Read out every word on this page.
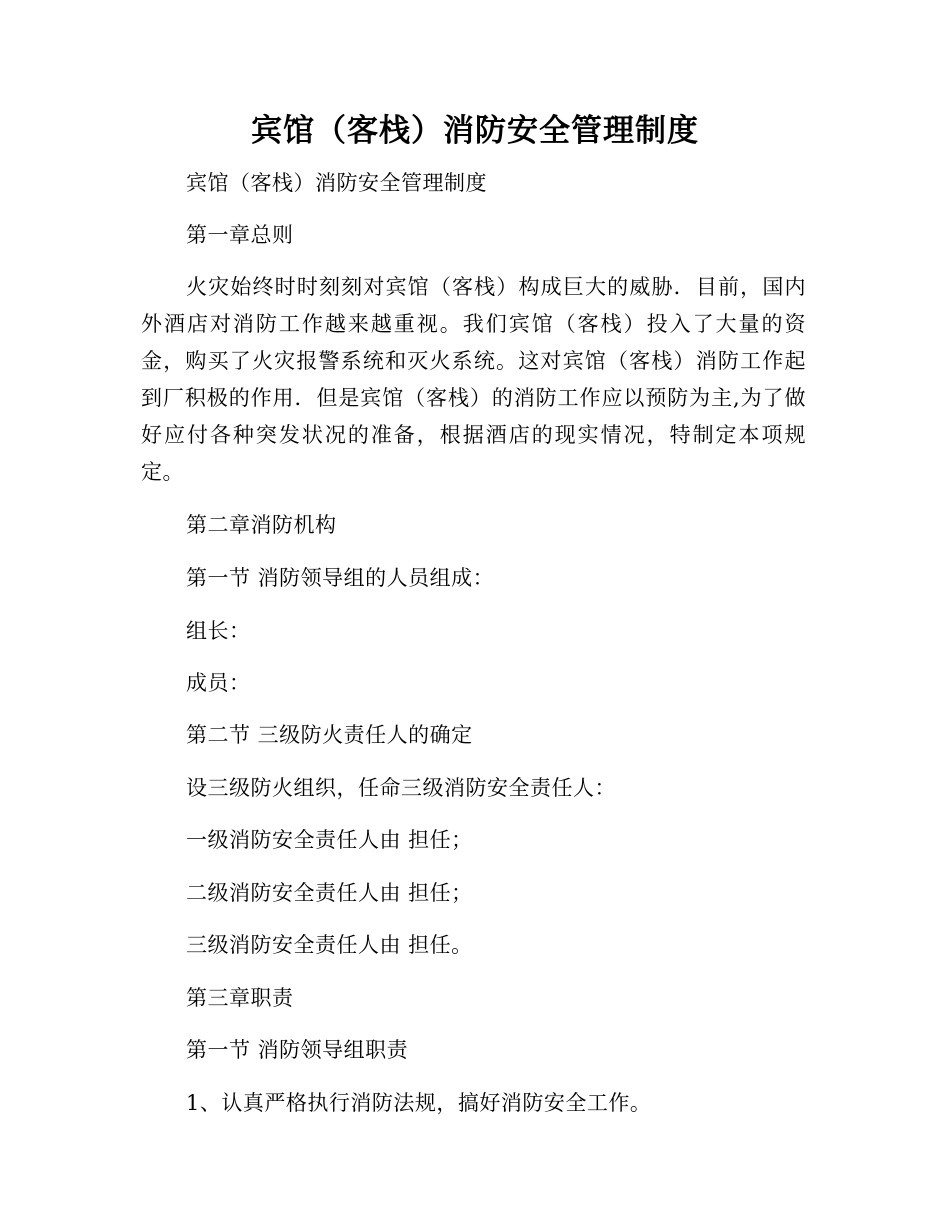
宾馆（客栈）消防安全管理制度

宾馆（客栈）消防安全管理制度

第一章总则

火灾始终时时刻刻对宾馆（客栈）构成巨大的威胁．目前，国内外酒店对消防工作越来越重视。我们宾馆（客栈）投入了大量的资金，购买了火灾报警系统和灭火系统。这对宾馆（客栈）消防工作起到厂积极的作用．但是宾馆（客栈）的消防工作应以预防为主,为了做好应付各种突发状况的准备，根据酒店的现实情况，特制定本项规定。

第二章消防机构

第一节 消防领导组的人员组成：

组长：

成员：

第二节 三级防火责任人的确定

设三级防火组织，任命三级消防安全责任人：

一级消防安全责任人由 担任；

二级消防安全责任人由 担任；

三级消防安全责任人由 担任。

第三章职责

第一节 消防领导组职责

1、认真严格执行消防法规，搞好消防安全工作。
